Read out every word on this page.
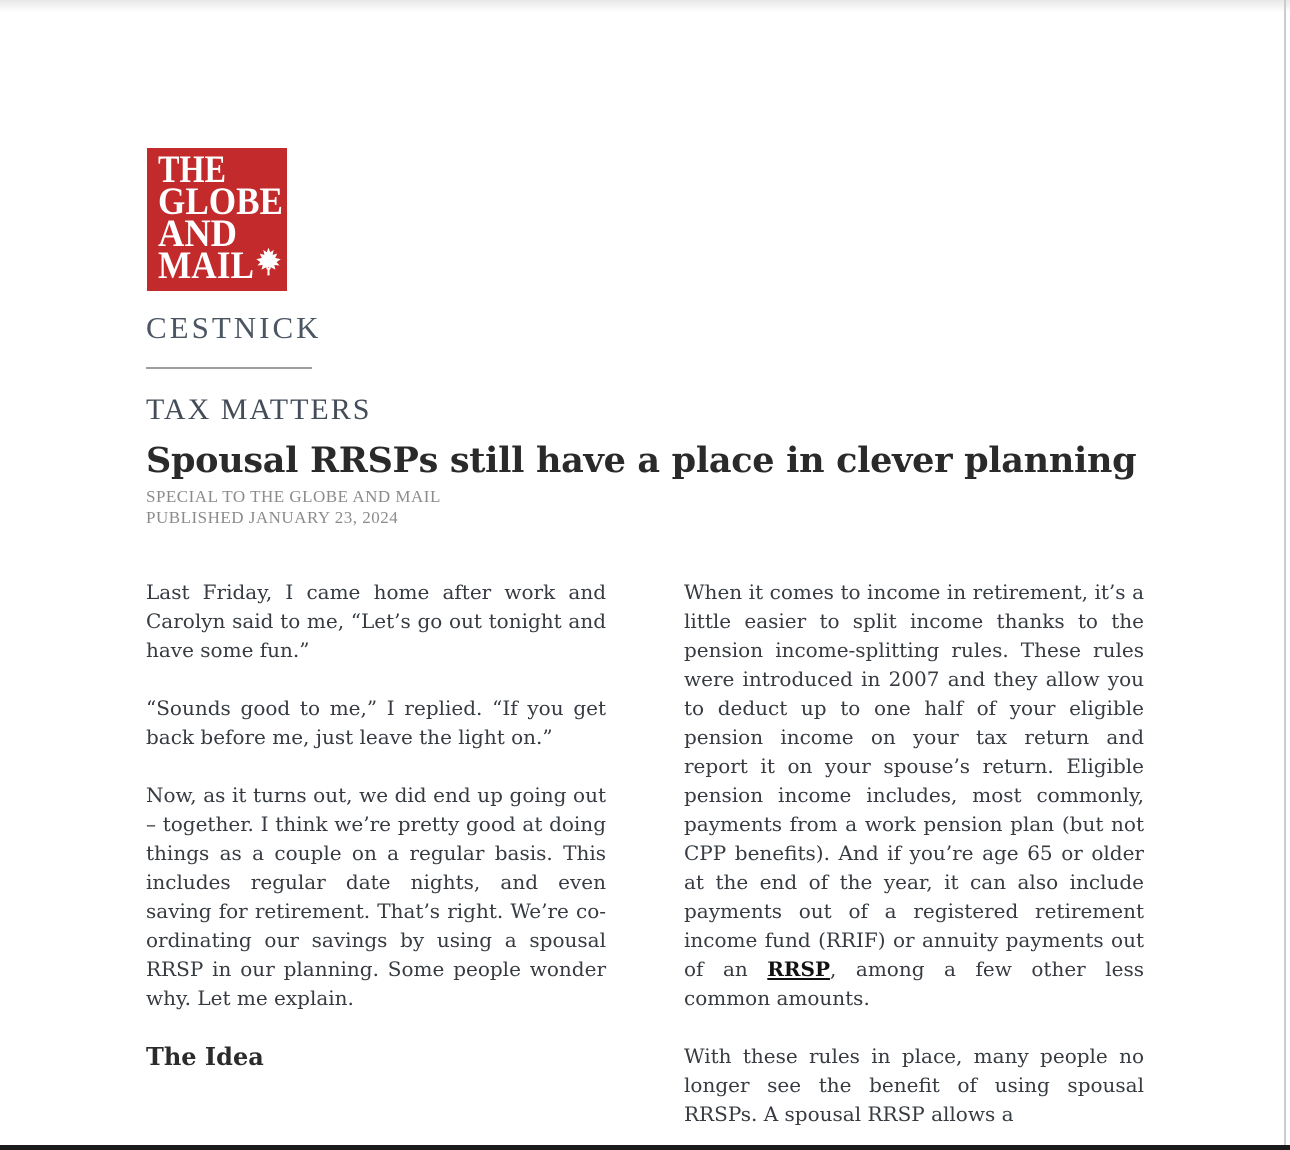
THE
GLOBE
AND
MAIL
CESTNICK
TAX MATTERS
Spousal RRSPs still have a place in clever planning
SPECIAL TO THE GLOBE AND MAIL
PUBLISHED JANUARY 23, 2024

Last Friday, I came home after work and Carolyn said to me, “Let’s go out tonight and have some fun.”

“Sounds good to me,” I replied. “If you get back before me, just leave the light on.”

Now, as it turns out, we did end up going out – together. I think we’re pretty good at doing things as a couple on a regular basis. This includes regular date nights, and even saving for retirement. That’s right. We’re co-ordinating our savings by using a spousal RRSP in our planning. Some people wonder why. Let me explain.

The Idea

When it comes to income in retirement, it’s a little easier to split income thanks to the pension income-splitting rules. These rules were introduced in 2007 and they allow you to deduct up to one half of your eligible pension income on your tax return and report it on your spouse’s return. Eligible pension income includes, most commonly, payments from a work pension plan (but not CPP benefits). And if you’re age 65 or older at the end of the year, it can also include payments out of a registered retirement income fund (RRIF) or annuity payments out of an RRSP, among a few other less common amounts.

With these rules in place, many people no longer see the benefit of using spousal RRSPs. A spousal RRSP allows a
